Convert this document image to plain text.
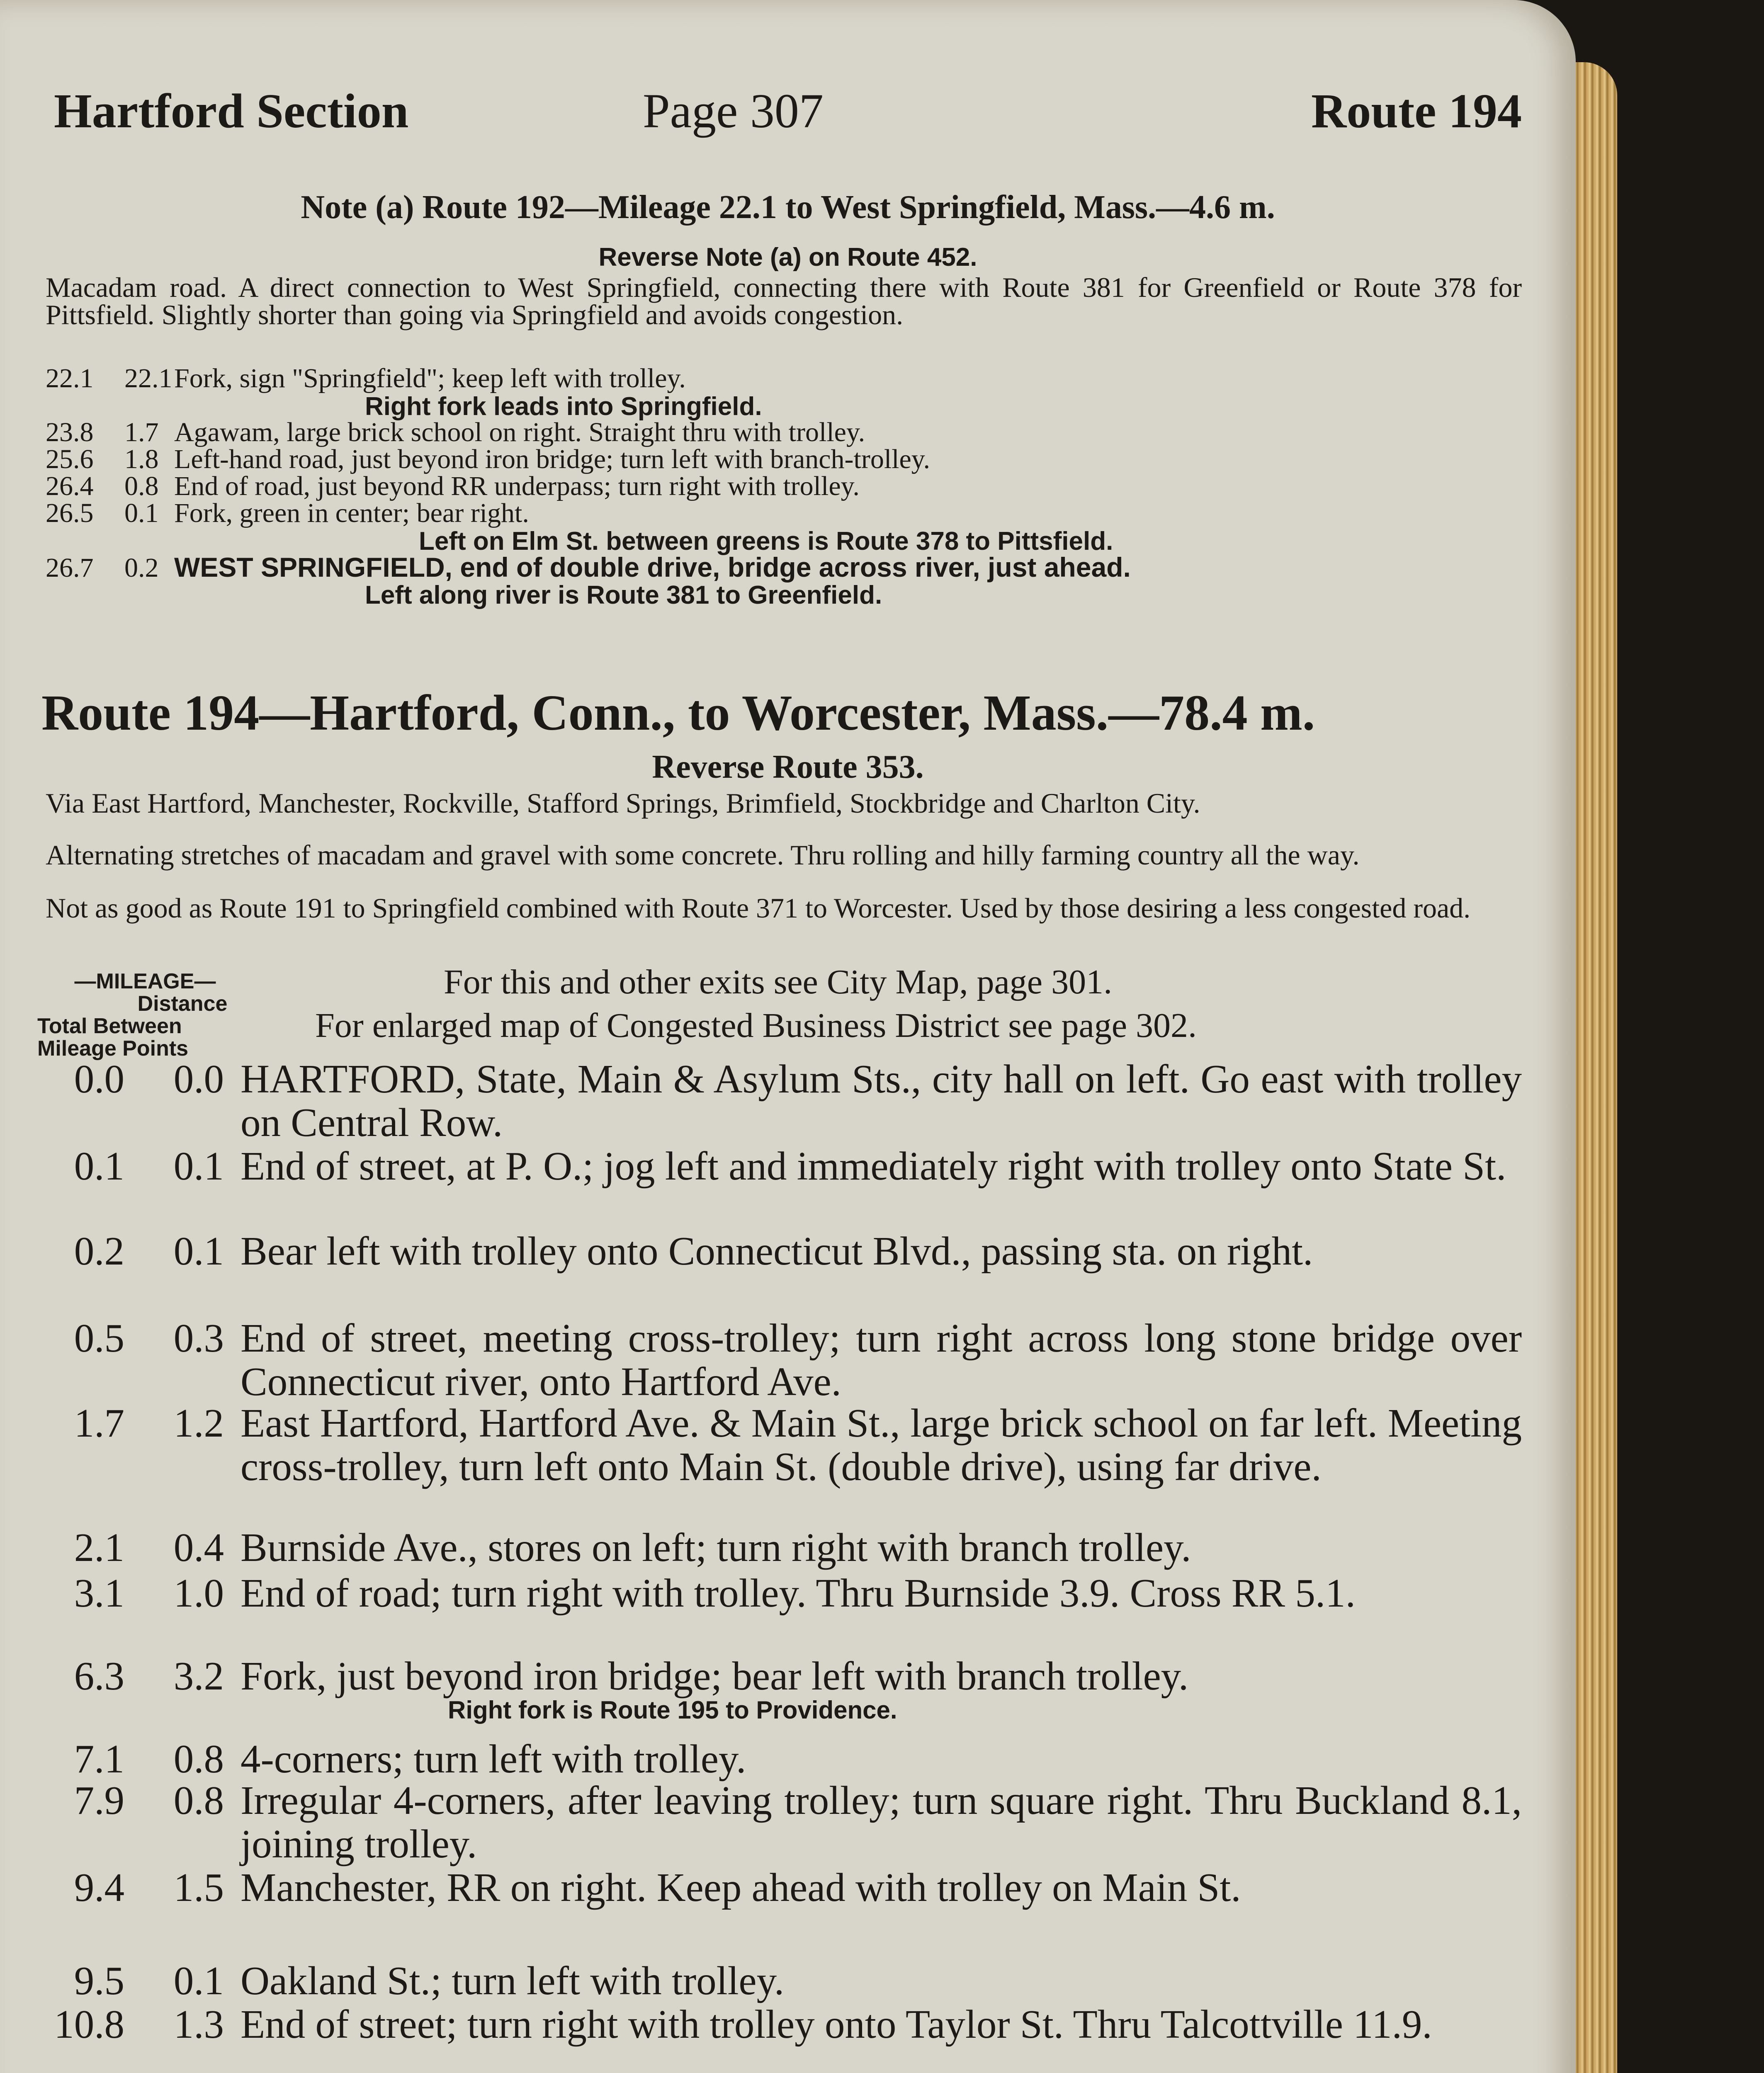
Hartford Section	Page 307	Route 194
Note (a) Route 192—Mileage 22.1 to West Springfield, Mass.—4.6 m.
Reverse Note (a) on Route 452.
Macadam road. A direct connection to West Springfield, connecting there with Route 381 for Greenfield or Route 378 for Pittsfield. Slightly shorter than going via Springfield and avoids congestion.
22.1 22.1Fork, sign "Springfield"; keep left with trolley.
Right fork leads into Springfield.
23.8 1.7 Agawam, large brick school on right. Straight thru with trolley.
25.6 1.8 Left-hand road, just beyond iron bridge; turn left with branch-trolley.
26.4 0.8 End of road, just beyond RR underpass; turn right with trolley.
26.5 0.1 Fork, green in center; bear right.
Left on Elm St. between greens is Route 378 to Pittsfield.
26.7 0.2 WEST SPRINGFIELD, end of double drive, bridge across river, just ahead.
Left along river is Route 381 to Greenfield.
Route 194—Hartford, Conn., to Worcester, Mass.—78.4 m.
Reverse Route 353.
Via East Hartford, Manchester, Rockville, Stafford Springs, Brimfield, Stockbridge and Charlton City.
Alternating stretches of macadam and gravel with some concrete. Thru rolling and hilly farming country all the way.
Not as good as Route 191 to Springfield combined with Route 371 to Worcester. Used by those desiring a less congested road.
—MILEAGE—
Distance
Total Between
Mileage Points
For this and other exits see City Map, page 301.
For enlarged map of Congested Business District see page 302.
0.0	0.0 HARTFORD, State, Main & Asylum Sts., city hall on left. Go east with trolley on Central Row.
0.1	0.1 End of street, at P. O.; jog left and immediately right with trolley onto State St.
0.2	0.1 Bear left with trolley onto Connecticut Blvd., passing sta. on right.
0.5	0.3 End of street, meeting cross-trolley; turn right across long stone bridge over Connecticut river, onto Hartford Ave.
1.7	1.2 East Hartford, Hartford Ave. & Main St., large brick school on far left. Meeting cross-trolley, turn left onto Main St. (double drive), using far drive.
2.1	0.4 Burnside Ave., stores on left; turn right with branch trolley.
3.1	1.0 End of road; turn right with trolley. Thru Burnside 3.9. Cross RR 5.1.
6.3	3.2 Fork, just beyond iron bridge; bear left with branch trolley.
Right fork is Route 195 to Providence.
7.1	0.8 4-corners; turn left with trolley.
7.9	0.8 Irregular 4-corners, after leaving trolley; turn square right. Thru Buckland 8.1, joining trolley.
9.4	1.5 Manchester, RR on right. Keep ahead with trolley on Main St.
9.5	0.1 Oakland St.; turn left with trolley.
10.8	1.3 End of street; turn right with trolley onto Taylor St. Thru Talcottville 11.9.
